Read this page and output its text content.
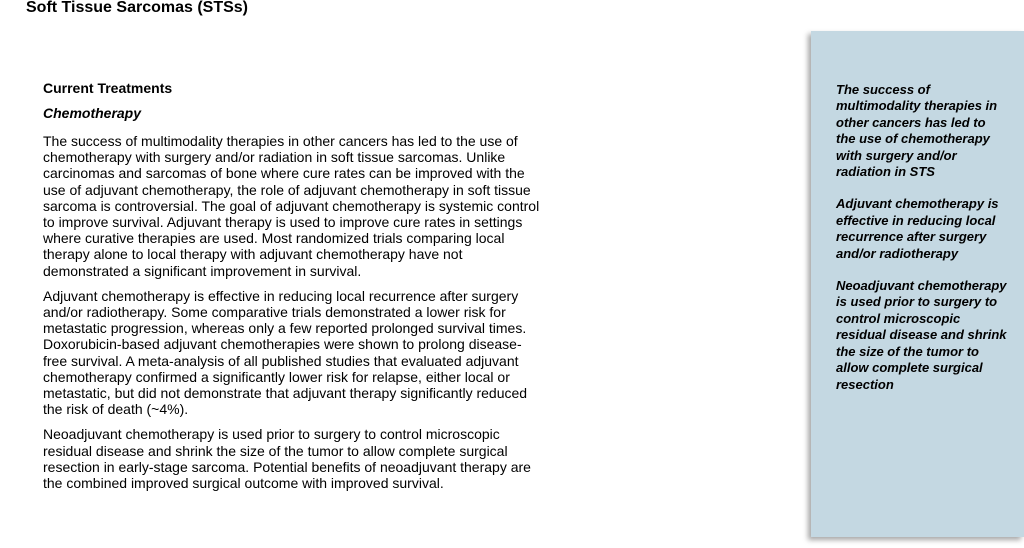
Soft Tissue Sarcomas (STSs)
Current Treatments
Chemotherapy

The success of multimodality therapies in other cancers has led to the use of chemotherapy with surgery and/or radiation in soft tissue sarcomas. Unlike carcinomas and sarcomas of bone where cure rates can be improved with the use of adjuvant chemotherapy, the role of adjuvant chemotherapy in soft tissue sarcoma is controversial. The goal of adjuvant chemotherapy is systemic control to improve survival. Adjuvant therapy is used to improve cure rates in settings where curative therapies are used. Most randomized trials comparing local therapy alone to local therapy with adjuvant chemotherapy have not demonstrated a significant improvement in survival.

Adjuvant chemotherapy is effective in reducing local recurrence after surgery and/or radiotherapy. Some comparative trials demonstrated a lower risk for metastatic progression, whereas only a few reported prolonged survival times. Doxorubicin-based adjuvant chemotherapies were shown to prolong disease-free survival. A meta-analysis of all published studies that evaluated adjuvant chemotherapy confirmed a significantly lower risk for relapse, either local or metastatic, but did not demonstrate that adjuvant therapy significantly reduced the risk of death (~4%).

Neoadjuvant chemotherapy is used prior to surgery to control microscopic residual disease and shrink the size of the tumor to allow complete surgical resection in early-stage sarcoma. Potential benefits of neoadjuvant therapy are the combined improved surgical outcome with improved survival.

The success of multimodality therapies in other cancers has led to the use of chemotherapy with surgery and/or radiation in STS

Adjuvant chemotherapy is effective in reducing local recurrence after surgery and/or radiotherapy

Neoadjuvant chemotherapy is used prior to surgery to control microscopic residual disease and shrink the size of the tumor to allow complete surgical resection
